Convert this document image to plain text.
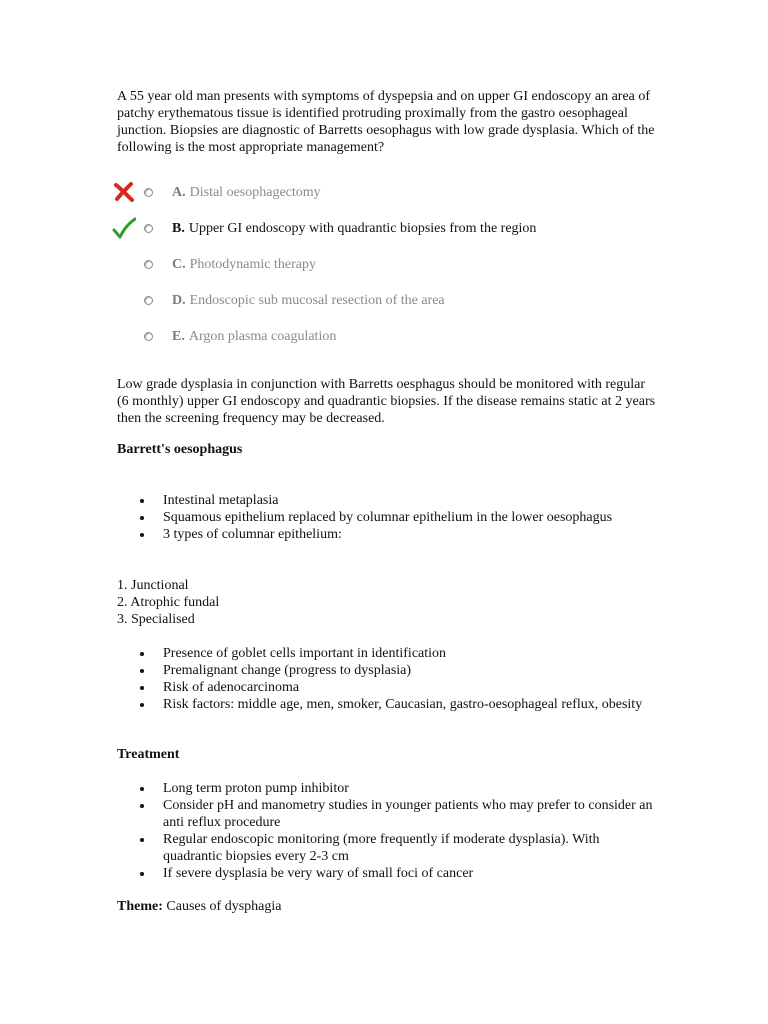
A 55 year old man presents with symptoms of dyspepsia and on upper GI endoscopy an area of patchy erythematous tissue is identified protruding proximally from the gastro oesophageal junction. Biopsies are diagnostic of Barretts oesophagus with low grade dysplasia. Which of the following is the most appropriate management?

A. Distal oesophagectomy
B. Upper GI endoscopy with quadrantic biopsies from the region
C. Photodynamic therapy
D. Endoscopic sub mucosal resection of the area
E. Argon plasma coagulation

Low grade dysplasia in conjunction with Barretts oesphagus should be monitored with regular (6 monthly) upper GI endoscopy and quadrantic biopsies. If the disease remains static at 2 years then the screening frequency may be decreased.

Barrett's oesophagus

Intestinal metaplasia
Squamous epithelium replaced by columnar epithelium in the lower oesophagus
3 types of columnar epithelium:
1. Junctional
2. Atrophic fundal
3. Specialised
Presence of goblet cells important in identification
Premalignant change (progress to dysplasia)
Risk of adenocarcinoma
Risk factors: middle age, men, smoker, Caucasian, gastro-oesophageal reflux, obesity

Treatment

Long term proton pump inhibitor
Consider pH and manometry studies in younger patients who may prefer to consider an anti reflux procedure
Regular endoscopic monitoring (more frequently if moderate dysplasia). With quadrantic biopsies every 2-3 cm
If severe dysplasia be very wary of small foci of cancer

Theme: Causes of dysphagia
